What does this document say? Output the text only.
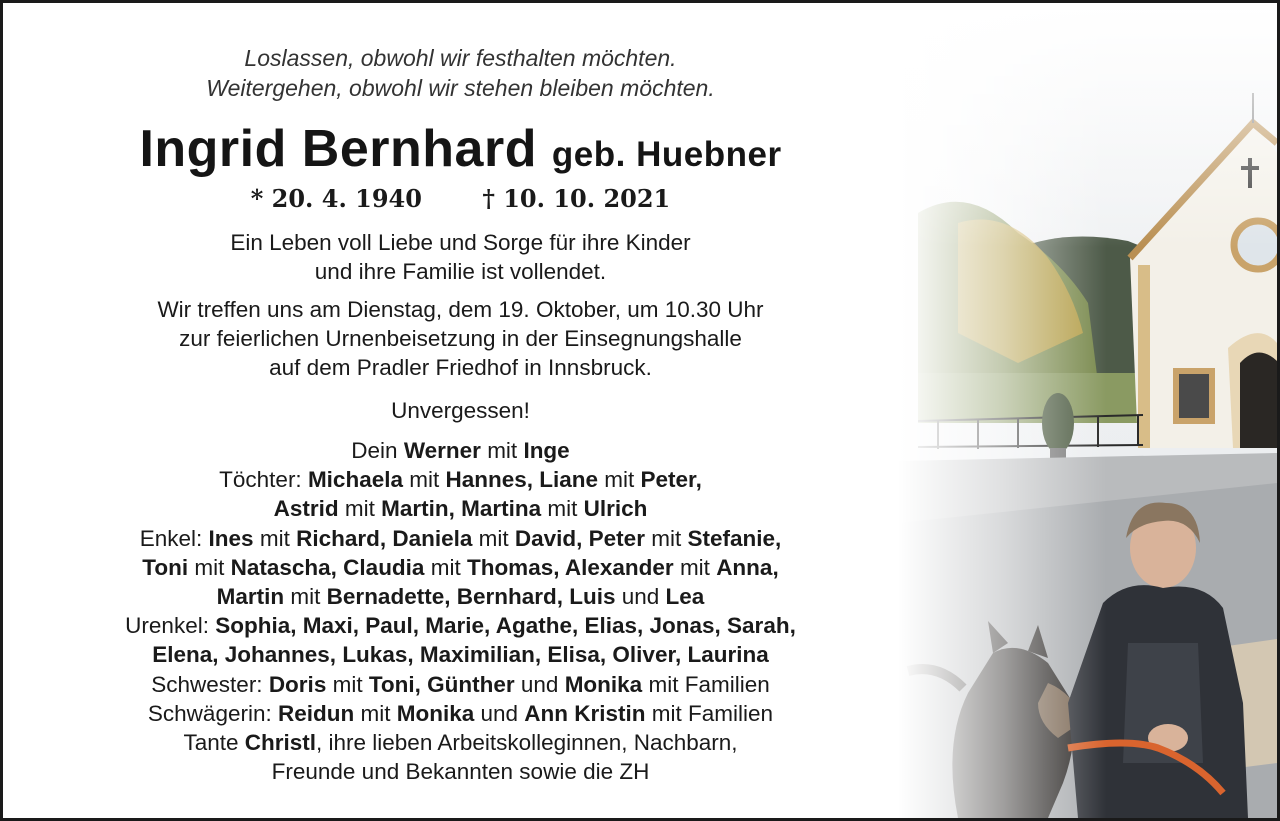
Loslassen, obwohl wir festhalten möchten.
Weitergehen, obwohl wir stehen bleiben möchten.
Ingrid Bernhard geb. Huebner
* 20. 4. 1940	† 10. 10. 2021
Ein Leben voll Liebe und Sorge für ihre Kinder
und ihre Familie ist vollendet.
Wir treffen uns am Dienstag, dem 19. Oktober, um 10.30 Uhr
zur feierlichen Urnenbeisetzung in der Einsegnungshalle
auf dem Pradler Friedhof in Innsbruck.
Unvergessen!
Dein Werner mit Inge
Töchter: Michaela mit Hannes, Liane mit Peter,
Astrid mit Martin, Martina mit Ulrich
Enkel: Ines mit Richard, Daniela mit David, Peter mit Stefanie,
Toni mit Natascha, Claudia mit Thomas, Alexander mit Anna,
Martin mit Bernadette, Bernhard, Luis und Lea
Urenkel: Sophia, Maxi, Paul, Marie, Agathe, Elias, Jonas, Sarah,
Elena, Johannes, Lukas, Maximilian, Elisa, Oliver, Laurina
Schwester: Doris mit Toni, Günther und Monika mit Familien
Schwägerin: Reidun mit Monika und Ann Kristin mit Familien
Tante Christl, ihre lieben Arbeitskolleginnen, Nachbarn,
Freunde und Bekannten sowie die ZH
